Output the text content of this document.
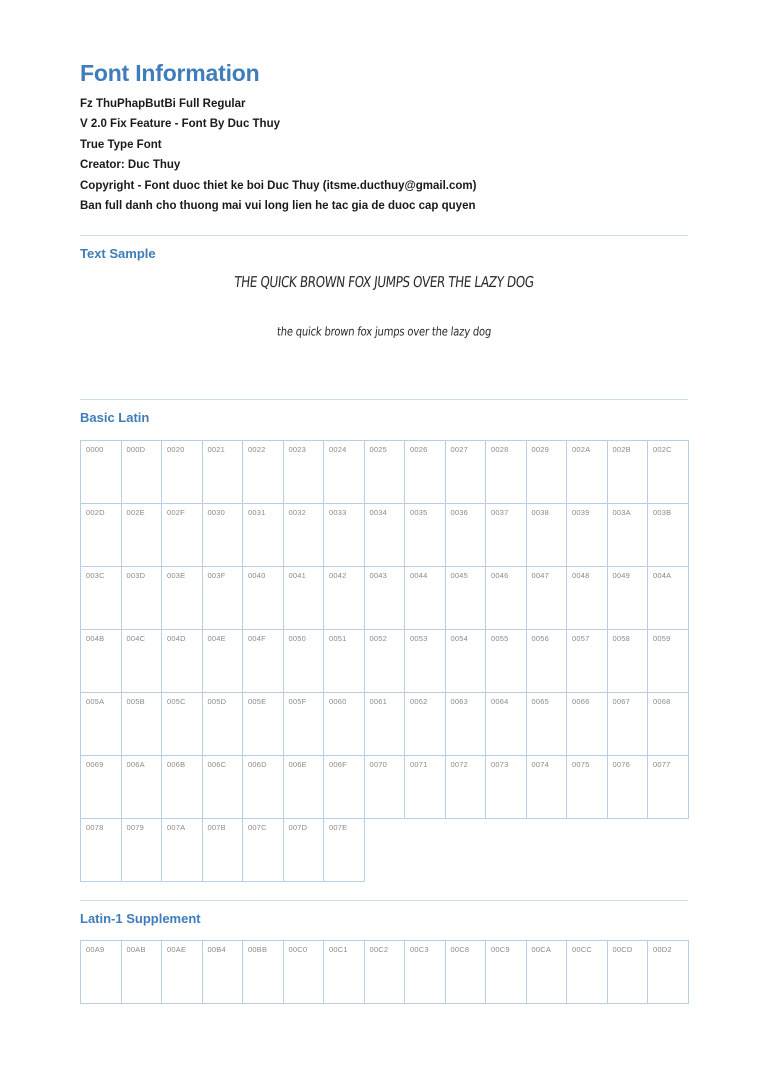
Font Information
Fz ThuPhapButBi Full Regular
V 2.0 Fix Feature - Font By Duc Thuy
True Type Font
Creator: Duc Thuy
Copyright - Font duoc thiet ke boi Duc Thuy (itsme.ducthuy@gmail.com)
Ban full danh cho thuong mai vui long lien he tac gia de duoc cap quyen
Text Sample
THE QUICK BROWN FOX JUMPS OVER THE LAZY DOG
the quick brown fox jumps over the lazy dog
Basic Latin
0000	000D	0020	0021	0022	0023	0024	0025	0026	0027	0028	0029	002A	002B	002C

002D	002E	002F	0030	0031	0032	0033	0034	0035	0036	0037	0038	0039	003A	003B

003C	003D	003E	003F	0040	0041	0042	0043	0044	0045	0046	0047	0048	0049	004A

004B	004C	004D	004E	004F	0050	0051	0052	0053	0054	0055	0056	0057	0058	0059

005A	005B	005C	005D	005E	005F	0060	0061	0062	0063	0064	0065	0066	0067	0068

0069	006A	006B	006C	006D	006E	006F	0070	0071	0072	0073	0074	0075	0076	0077

0078	0079	007A	007B	007C	007D	007E								
Latin-1 Supplement
00A9	00AB	00AE	00B4	00BB	00C0	00C1	00C2	00C3	00C8	00C9	00CA	00CC	00CD	00D2
